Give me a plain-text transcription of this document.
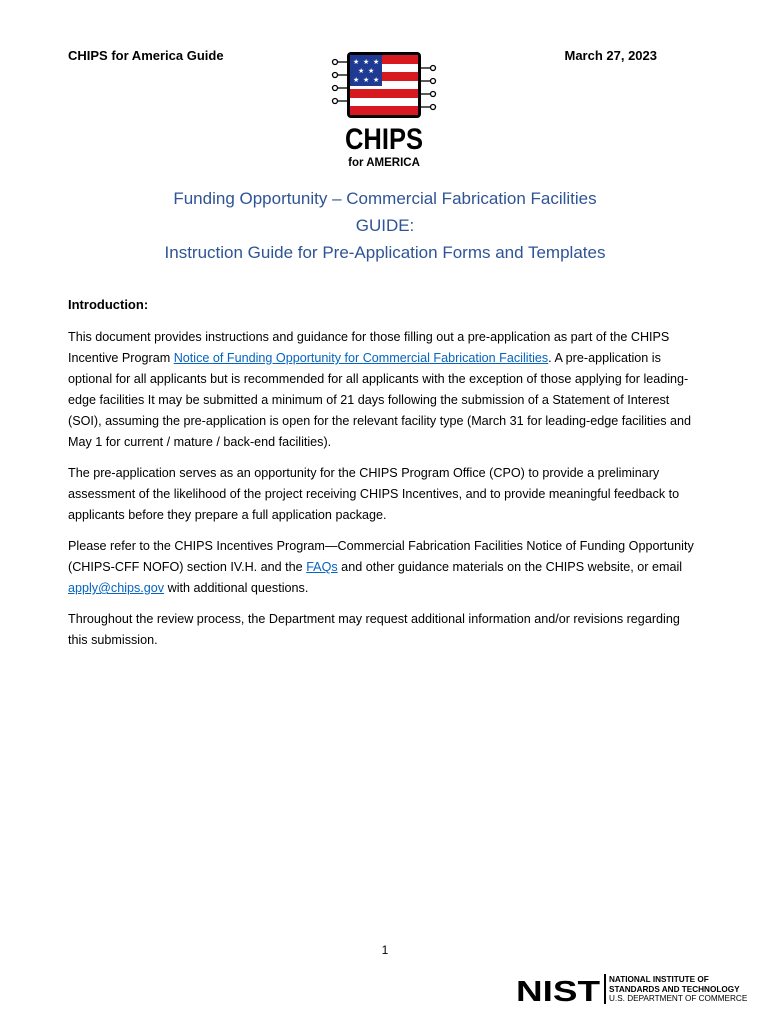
CHIPS for America Guide	March 27, 2023
★ ★ ★
★ ★
★ ★ ★
CHIPS
for AMERICA
Funding Opportunity – Commercial Fabrication Facilities
GUIDE:
Instruction Guide for Pre-Application Forms and Templates
Introduction:

This document provides instructions and guidance for those filling out a pre-application as part of the CHIPS Incentive Program Notice of Funding Opportunity for Commercial Fabrication Facilities. A pre-application is optional for all applicants but is recommended for all applicants with the exception of those applying for leading-edge facilities It may be submitted a minimum of 21 days following the submission of a Statement of Interest (SOI), assuming the pre-application is open for the relevant facility type (March 31 for leading-edge facilities and May 1 for current / mature / back-end facilities).

The pre-application serves as an opportunity for the CHIPS Program Office (CPO) to provide a preliminary assessment of the likelihood of the project receiving CHIPS Incentives, and to provide meaningful feedback to applicants before they prepare a full application package.

Please refer to the CHIPS Incentives Program—Commercial Fabrication Facilities Notice of Funding Opportunity (CHIPS-CFF NOFO) section IV.H. and the FAQs and other guidance materials on the CHIPS website, or email apply@chips.gov with additional questions.

Throughout the review process, the Department may request additional information and/or revisions regarding this submission.

1
NIST NATIONAL INSTITUTE OF
STANDARDS AND TECHNOLOGY
U.S. DEPARTMENT OF COMMERCE
